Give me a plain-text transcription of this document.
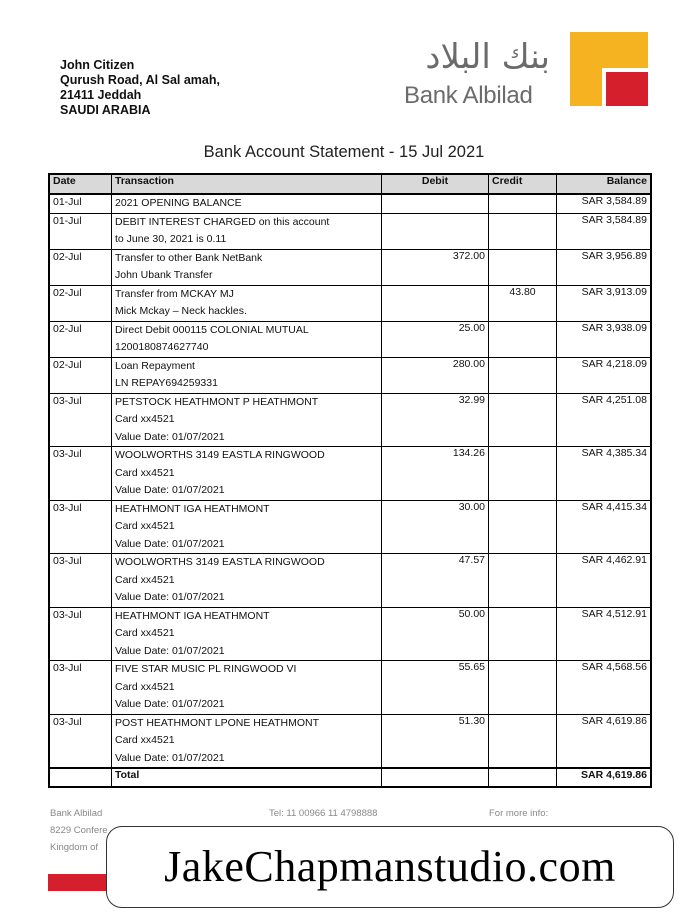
John Citizen
Qurush Road, Al Sal amah,
21411 Jeddah
SAUDI ARABIA
بنك البلاد
Bank Albilad
Bank Account Statement - 15 Jul 2021
Date	Transaction	Debit	Credit	Balance
01-Jul	2021 OPENING BALANCE			SAR 3,584.89
01-Jul	DEBIT INTEREST CHARGED on this account
to June 30, 2021 is 0.11			SAR 3,584.89
02-Jul	Transfer to other Bank NetBank
John Ubank Transfer	372.00		SAR 3,956.89
02-Jul	Transfer from MCKAY MJ
Mick Mckay – Neck hackles.		43.80	SAR 3,913.09
02-Jul	Direct Debit 000115 COLONIAL MUTUAL
1200180874627740	25.00		SAR 3,938.09
02-Jul	Loan Repayment
LN REPAY694259331	280.00		SAR 4,218.09
03-Jul	PETSTOCK HEATHMONT P HEATHMONT
Card xx4521
Value Date: 01/07/2021	32.99		SAR 4,251.08
03-Jul	WOOLWORTHS 3149 EASTLA RINGWOOD
Card xx4521
Value Date: 01/07/2021	134.26		SAR 4,385.34
03-Jul	HEATHMONT IGA HEATHMONT
Card xx4521
Value Date: 01/07/2021	30.00		SAR 4,415.34
03-Jul	WOOLWORTHS 3149 EASTLA RINGWOOD
Card xx4521
Value Date: 01/07/2021	47.57		SAR 4,462.91
03-Jul	HEATHMONT IGA HEATHMONT
Card xx4521
Value Date: 01/07/2021	50.00		SAR 4,512.91
03-Jul	FIVE STAR MUSIC PL RINGWOOD VI
Card xx4521
Value Date: 01/07/2021	55.65		SAR 4,568.56
03-Jul	POST HEATHMONT LPONE HEATHMONT
Card xx4521
Value Date: 01/07/2021	51.30		SAR 4,619.86
	Total			SAR 4,619.86
Bank Albilad
8229 Confere
Kingdom of
Tel: 11 00966 11 4798888	For more info:
JakeChapmanstudio.com
